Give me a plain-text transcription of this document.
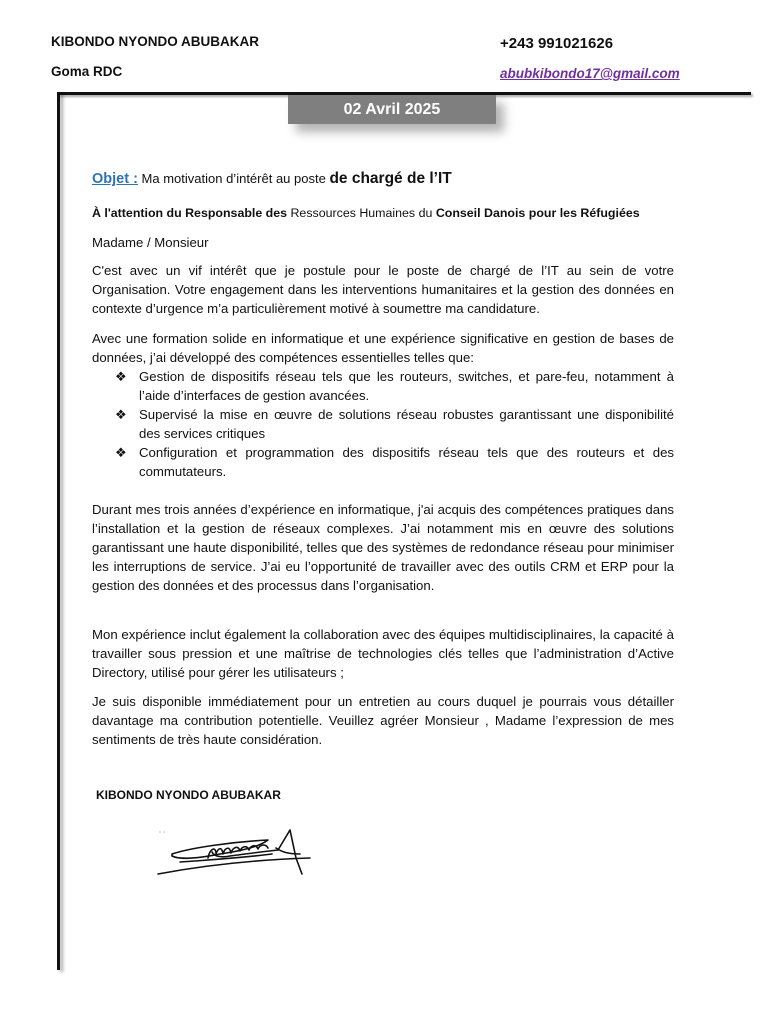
KIBONDO NYONDO ABUBAKAR
Goma RDC
+243 991021626
abubkibondo17@gmail.com
02 Avril 2025
Objet : Ma motivation d’intérêt au poste de chargé de l’IT
À l'attention du Responsable des Ressources Humaines du Conseil Danois pour les Réfugiées
Madame / Monsieur
C'est avec un vif intérêt que je postule pour le poste de chargé de l’IT au sein de votre Organisation. Votre engagement dans les interventions humanitaires et la gestion des données en contexte d’urgence m’a particulièrement motivé à soumettre ma candidature.
Avec une formation solide en informatique et une expérience significative en gestion de bases de données, j’ai développé des compétences essentielles telles que:
❖ Gestion de dispositifs réseau tels que les routeurs, switches, et pare-feu, notamment à l’aide d’interfaces de gestion avancées.
❖ Supervisé la mise en œuvre de solutions réseau robustes garantissant une disponibilité des services critiques
❖ Configuration et programmation des dispositifs réseau tels que des routeurs et des commutateurs.
Durant mes trois années d’expérience en informatique, j'ai acquis des compétences pratiques dans l’installation et la gestion de réseaux complexes. J’ai notamment mis en œuvre des solutions garantissant une haute disponibilité, telles que des systèmes de redondance réseau pour minimiser les interruptions de service. J’ai eu l’opportunité de travailler avec des outils CRM et ERP pour la gestion des données et des processus dans l’organisation.
Mon expérience inclut également la collaboration avec des équipes multidisciplinaires, la capacité à travailler sous pression et une maîtrise de technologies clés telles que l’administration d’Active Directory, utilisé pour gérer les utilisateurs ;
Je suis disponible immédiatement pour un entretien au cours duquel je pourrais vous détailler davantage ma contribution potentielle. Veuillez agréer Monsieur , Madame l’expression de mes sentiments de très haute considération.
KIBONDO NYONDO ABUBAKAR
